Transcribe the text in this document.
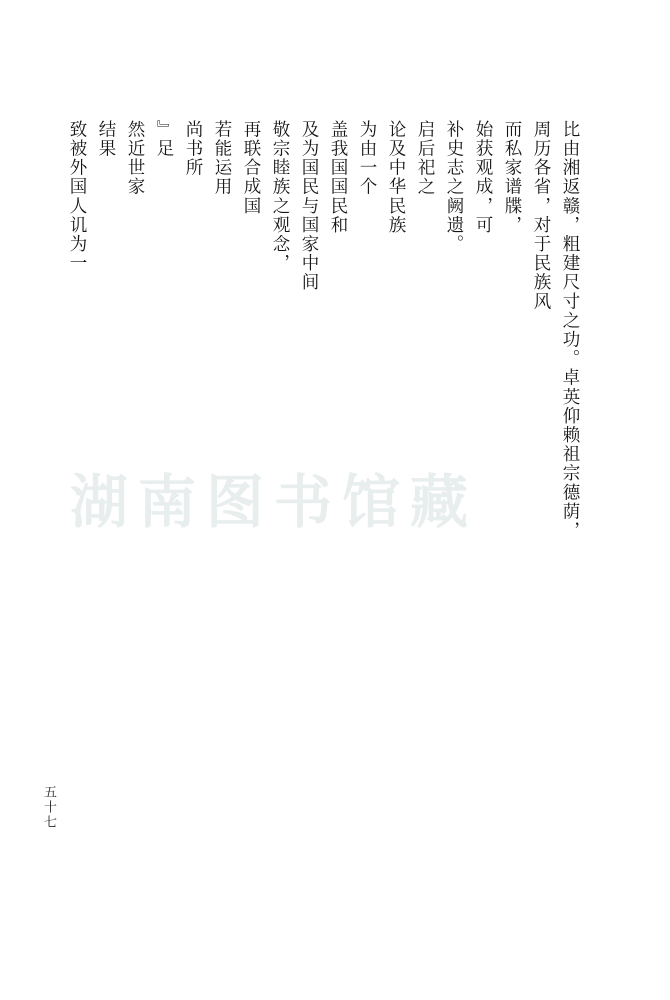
湖南图书馆藏	比由湘返赣，粗建尺寸之功。卓英仰赖祖宗德荫，
周历各省，对于民族风
而私家谱牒，
始获观成，可
补史志之阙遗。
启后祀之
论及中华民族
为由一个
盖我国国民和
及为国民与国家中间
敬宗睦族之观念，
再联合成国
若能运用
尚书所
』足
然近世家
结果
致被外国人讥为一
五十七
